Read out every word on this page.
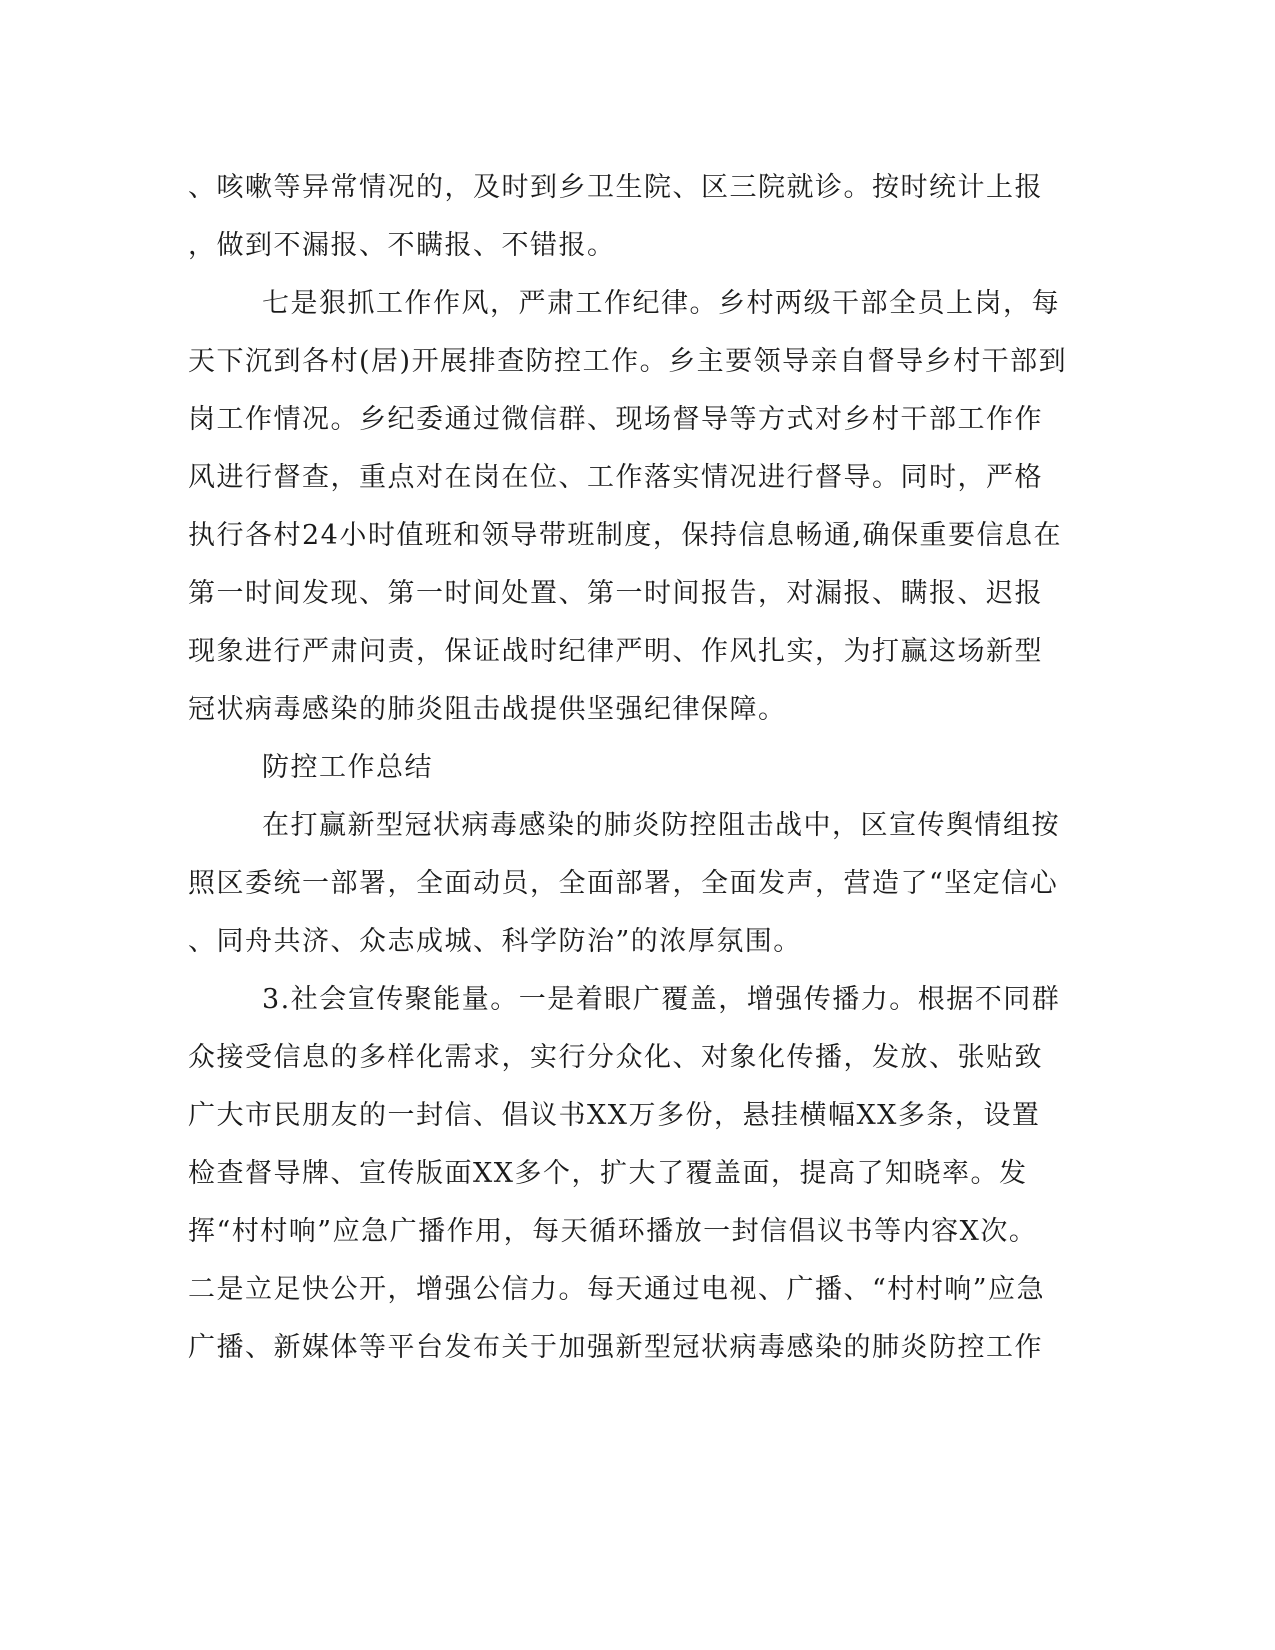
、咳嗽等异常情况的，及时到乡卫生院、区三院就诊。按时统计上报
，做到不漏报、不瞒报、不错报。
七是狠抓工作作风，严肃工作纪律。乡村两级干部全员上岗，每
天下沉到各村(居)开展排查防控工作。乡主要领导亲自督导乡村干部到
岗工作情况。乡纪委通过微信群、现场督导等方式对乡村干部工作作
风进行督查，重点对在岗在位、工作落实情况进行督导。同时，严格
执行各村24小时值班和领导带班制度，保持信息畅通,确保重要信息在
第一时间发现、第一时间处置、第一时间报告，对漏报、瞒报、迟报
现象进行严肃问责，保证战时纪律严明、作风扎实，为打赢这场新型
冠状病毒感染的肺炎阻击战提供坚强纪律保障。
防控工作总结
在打赢新型冠状病毒感染的肺炎防控阻击战中，区宣传舆情组按
照区委统一部署，全面动员，全面部署，全面发声，营造了“坚定信心
、同舟共济、众志成城、科学防治”的浓厚氛围。
3.社会宣传聚能量。一是着眼广覆盖，增强传播力。根据不同群
众接受信息的多样化需求，实行分众化、对象化传播，发放、张贴致
广大市民朋友的一封信、倡议书XX万多份，悬挂横幅XX多条，设置
检查督导牌、宣传版面XX多个，扩大了覆盖面，提高了知晓率。发
挥“村村响”应急广播作用，每天循环播放一封信倡议书等内容X次。
二是立足快公开，增强公信力。每天通过电视、广播、“村村响”应急
广播、新媒体等平台发布关于加强新型冠状病毒感染的肺炎防控工作
